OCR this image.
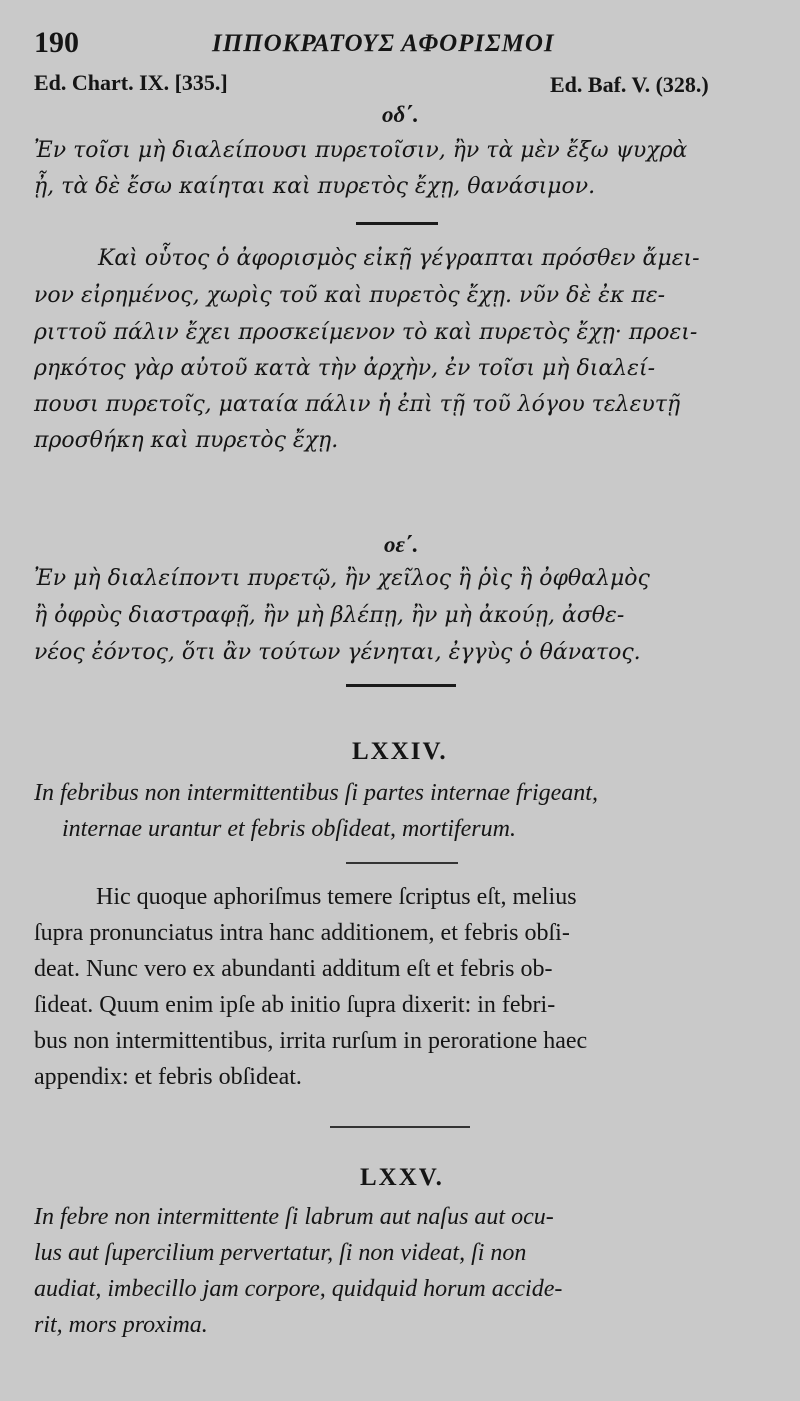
190	ΙΠΠΟΚΡΑΤΟΥΣ ΑΦΟΡΙΣΜΟΙ
Ed. Chart. IX. [335.]	Ed. Baf. V. (328.)
οδ΄.
Ἐν τοῖσι μὴ διαλείπουσι πυρετοῖσιν, ἢν τὰ μὲν ἔξω ψυχρὰ
ᾖ, τὰ δὲ ἔσω καίηται καὶ πυρετὸς ἔχῃ, θανάσιμον.
Καὶ οὗτος ὁ ἀφορισμὸς εἰκῇ γέγραπται πρόσθεν ἄμει-
νον εἰρημένος, χωρὶς τοῦ καὶ πυρετὸς ἔχῃ. νῦν δὲ ἐκ πε-
ριττοῦ πάλιν ἔχει προσκείμενον τὸ καὶ πυρετὸς ἔχῃ· προει-
ρηκότος γὰρ αὐτοῦ κατὰ τὴν ἀρχὴν, ἐν τοῖσι μὴ διαλεί-
πουσι πυρετοῖς, ματαία πάλιν ἡ ἐπὶ τῇ τοῦ λόγου τελευτῇ
προσθήκη καὶ πυρετὸς ἔχῃ.
οε΄.
Ἐν μὴ διαλείποντι πυρετῷ, ἢν χεῖλος ἢ ῥὶς ἢ ὀφθαλμὸς
ἢ ὀφρὺς διαστραφῇ, ἢν μὴ βλέπῃ, ἢν μὴ ἀκούῃ, ἀσθε-
νέος ἐόντος, ὅτι ἂν τούτων γένηται, ἐγγὺς ὁ θάνατος.
LXXIV.
In febribus non intermittentibus ſi partes internae frigeant,
internae urantur et febris obſideat, mortiferum.
Hic quoque aphoriſmus temere ſcriptus eſt, melius
ſupra pronunciatus intra hanc additionem, et febris obſi-
deat. Nunc vero ex abundanti additum eſt et febris ob-
ſideat. Quum enim ipſe ab initio ſupra dixerit: in febri-
bus non intermittentibus, irrita rurſum in peroratione haec
appendix: et febris obſideat.
LXXV.
In febre non intermittente ſi labrum aut naſus aut ocu-
lus aut ſupercilium pervertatur, ſi non videat, ſi non
audiat, imbecillo jam corpore, quidquid horum accide-
rit, mors proxima.
